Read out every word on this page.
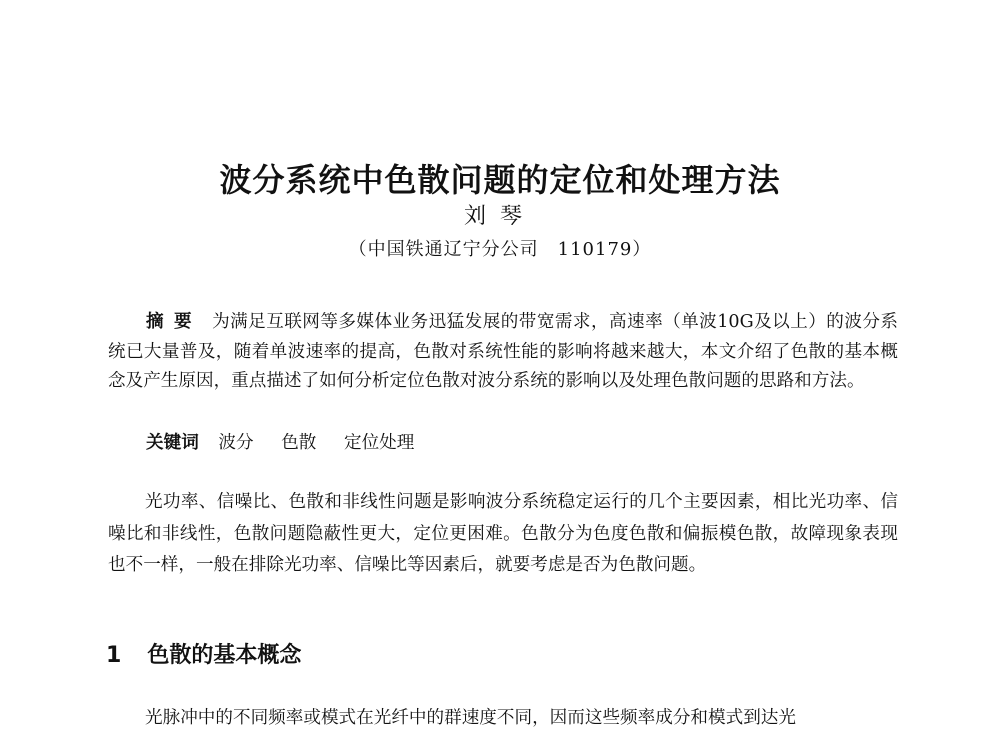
波分系统中色散问题的定位和处理方法
刘琴
（中国铁通辽宁分公司　110179）
摘要 为满足互联网等多媒体业务迅猛发展的带宽需求，高速率（单波10G及以上）的波分系统已大量普及，随着单波速率的提高，色散对系统性能的影响将越来越大，本文介绍了色散的基本概念及产生原因，重点描述了如何分析定位色散对波分系统的影响以及处理色散问题的思路和方法。
关键词 波分 色散 定位处理
光功率、信噪比、色散和非线性问题是影响波分系统稳定运行的几个主要因素，相比光功率、信噪比和非线性，色散问题隐蔽性更大，定位更困难。色散分为色度色散和偏振模色散，故障现象表现也不一样，一般在排除光功率、信噪比等因素后，就要考虑是否为色散问题。
1 色散的基本概念
光脉冲中的不同频率或模式在光纤中的群速度不同，因而这些频率成分和模式到达光
